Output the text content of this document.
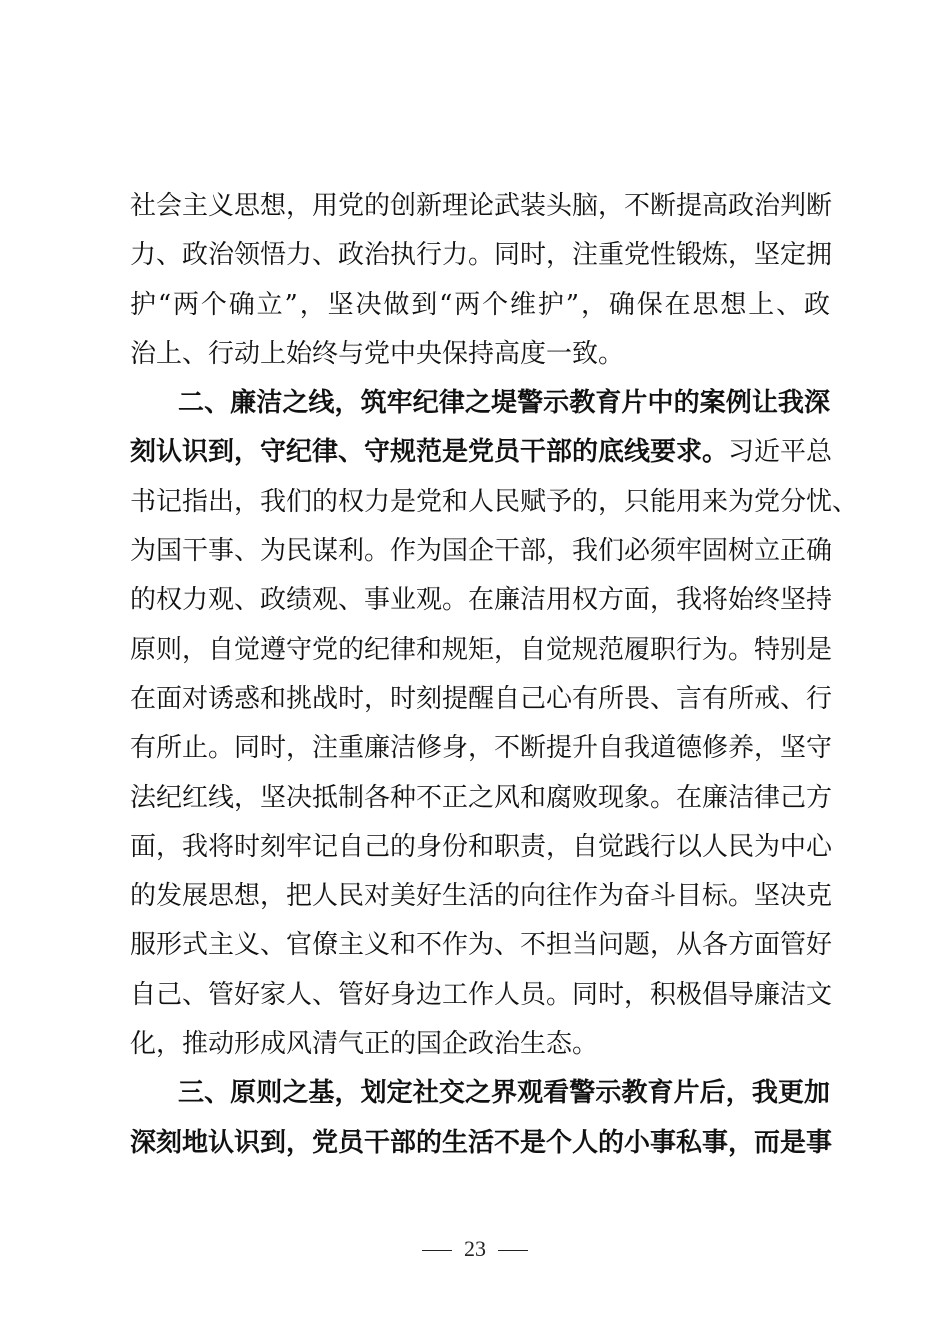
社会主义思想，用党的创新理论武装头脑，不断提高政治判断
力、政治领悟力、政治执行力。同时，注重党性锻炼，坚定拥
护“两个确立”，坚决做到“两个维护”，确保在思想上、政
治上、行动上始终与党中央保持高度一致。
二、廉洁之线，筑牢纪律之堤警示教育片中的案例让我深
刻认识到，守纪律、守规范是党员干部的底线要求。习近平总
书记指出，我们的权力是党和人民赋予的，只能用来为党分忧、
为国干事、为民谋利。作为国企干部，我们必须牢固树立正确
的权力观、政绩观、事业观。在廉洁用权方面，我将始终坚持
原则，自觉遵守党的纪律和规矩，自觉规范履职行为。特别是
在面对诱惑和挑战时，时刻提醒自己心有所畏、言有所戒、行
有所止。同时，注重廉洁修身，不断提升自我道德修养，坚守
法纪红线，坚决抵制各种不正之风和腐败现象。在廉洁律己方
面，我将时刻牢记自己的身份和职责，自觉践行以人民为中心
的发展思想，把人民对美好生活的向往作为奋斗目标。坚决克
服形式主义、官僚主义和不作为、不担当问题，从各方面管好
自己、管好家人、管好身边工作人员。同时，积极倡导廉洁文
化，推动形成风清气正的国企政治生态。
三、原则之基，划定社交之界观看警示教育片后，我更加
深刻地认识到，党员干部的生活不是个人的小事私事，而是事
23
